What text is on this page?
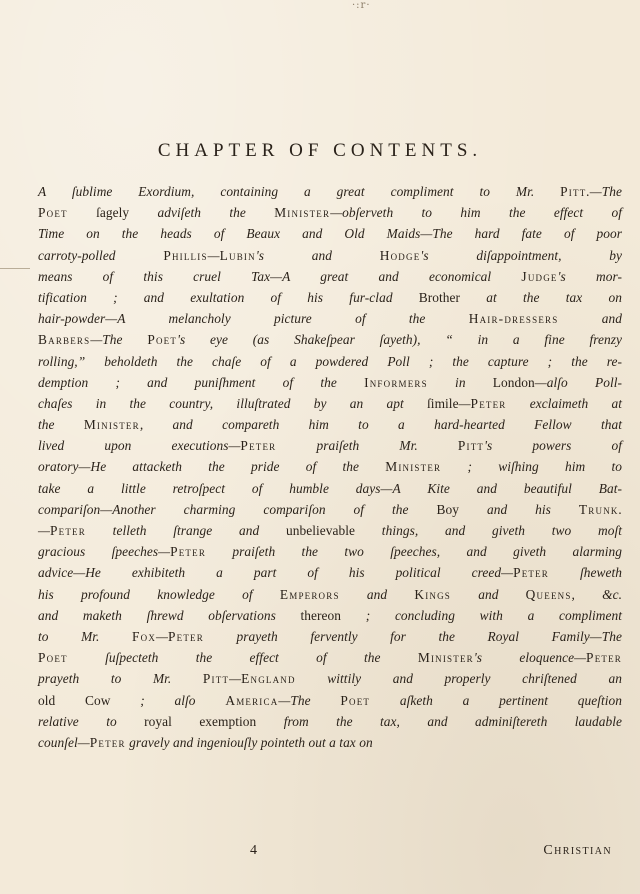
·:r·
CHAPTER OF CONTENTS.
A ſublime Exordium, containing a great compliment to Mr. Pitt.—The
Poet ſagely adviſeth the Minister—obſerveth to him the effect of
Time on the heads of Beaux and Old Maids—The hard fate of poor
carroty-polled Phillis—Lubin's and Hodge's diſappointment, by
means of this cruel Tax—A great and economical Judge's mor-
tification ; and exultation of his fur-clad Brother at the tax on
hair-powder—A melancholy picture of the Hair-dressers and
Barbers—The Poet's eye (as Shakeſpear ſayeth), “ in a fine frenzy
rolling,” beholdeth the chaſe of a powdered Poll ; the capture ; the re-
demption ; and puniſhment of the Informers in London—alſo Poll-
chaſes in the country, illuſtrated by an apt ſimile—Peter exclaimeth at
the Minister, and compareth him to a hard-hearted Fellow that
lived upon executions—Peter praiſeth Mr. Pitt's powers of
oratory—He attacketh the pride of the Minister ; wiſhing him to
take a little retroſpect of humble days—A Kite and beautiful Bat-
compariſon—Another charming compariſon of the Boy and his Trunk.
—Peter telleth ſtrange and unbelievable things, and giveth two moſt
gracious ſpeeches—Peter praiſeth the two ſpeeches, and giveth alarming
advice—He exhibiteth a part of his political creed—Peter ſheweth
his profound knowledge of Emperors and Kings and Queens, &c.
and maketh ſhrewd obſervations thereon ; concluding with a compliment
to Mr. Fox—Peter prayeth fervently for the Royal Family—The
Poet ſuſpecteth the effect of the Minister's eloquence—Peter
prayeth to Mr. Pitt—England wittily and properly chriſtened an
old Cow ; alſo America—The Poet aſketh a pertinent queſtion
relative to royal exemption from the tax, and adminiſtereth laudable
counſel—Peter gravely and ingeniouſly pointeth out a tax on
4	Christian
